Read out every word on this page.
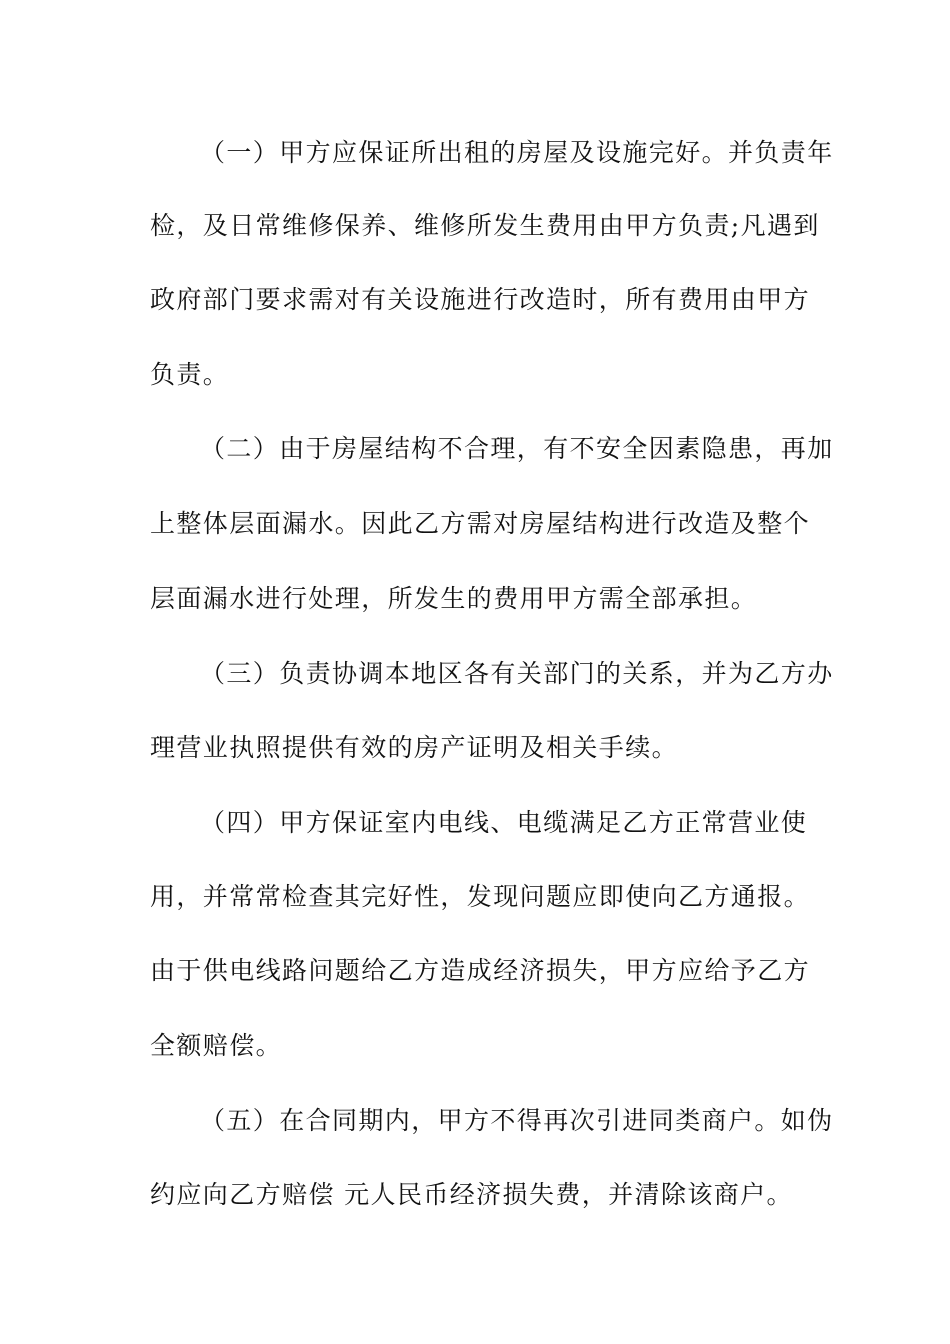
（一）甲方应保证所出租的房屋及设施完好。并负责年
检，及日常维修保养、维修所发生费用由甲方负责;凡遇到
政府部门要求需对有关设施进行改造时，所有费用由甲方
负责。
（二）由于房屋结构不合理，有不安全因素隐患，再加
上整体层面漏水。因此乙方需对房屋结构进行改造及整个
层面漏水进行处理，所发生的费用甲方需全部承担。
（三）负责协调本地区各有关部门的关系，并为乙方办
理营业执照提供有效的房产证明及相关手续。
（四）甲方保证室内电线、电缆满足乙方正常营业使
用，并常常检查其完好性，发现问题应即使向乙方通报。
由于供电线路问题给乙方造成经济损失，甲方应给予乙方
全额赔偿。
（五）在合同期内，甲方不得再次引进同类商户。如伪
约应向乙方赔偿 元人民币经济损失费，并清除该商户。
